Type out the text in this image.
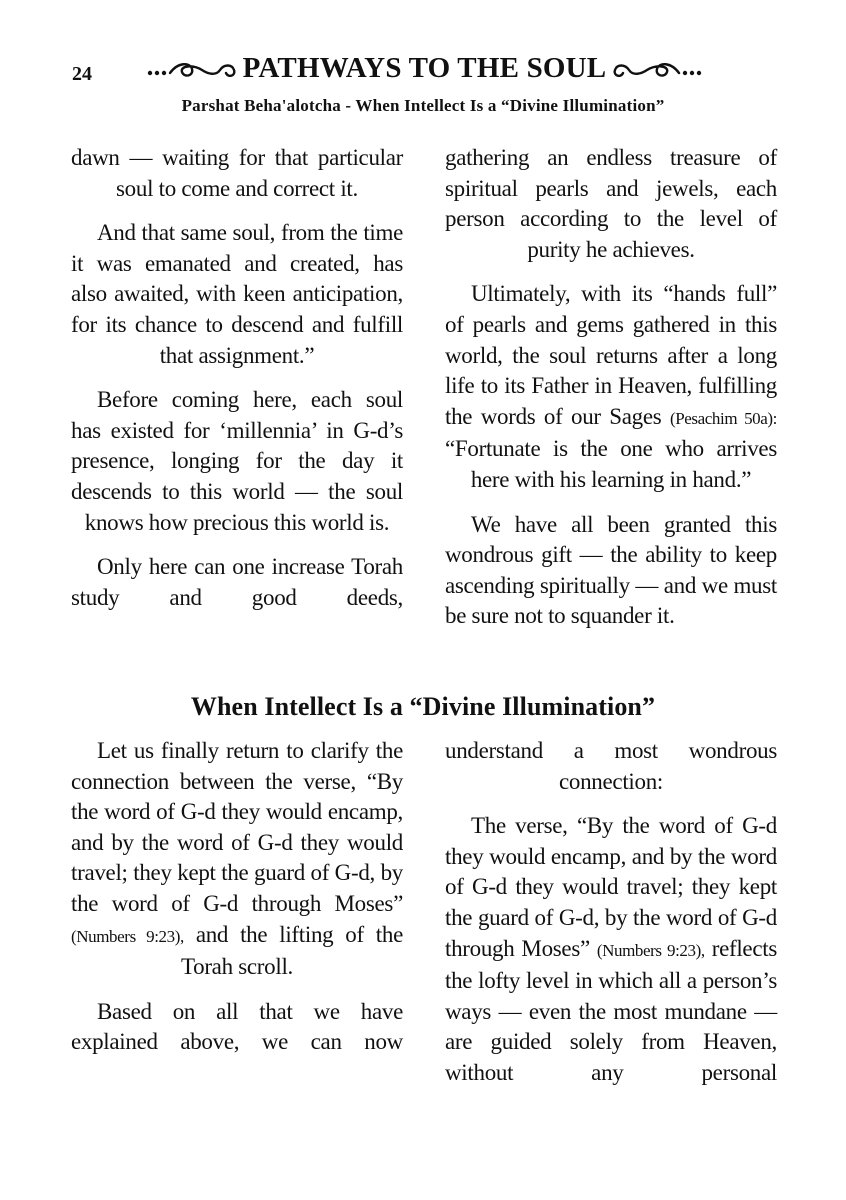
24	PATHWAYS TO THE SOUL
Parshat Beha'alotcha - When Intellect Is a “Divine Illumination”

dawn — waiting for that particular soul to come and correct it.

And that same soul, from the time it was emanated and created, has also awaited, with keen anticipation, for its chance to descend and fulfill that assignment.”

Before coming here, each soul has existed for ‘millennia’ in G-d’s presence, longing for the day it descends to this world — the soul knows how precious this world is.

Only here can one increase Torah study and good deeds,

gathering an endless treasure of spiritual pearls and jewels, each person according to the level of purity he achieves.

Ultimately, with its “hands full” of pearls and gems gathered in this world, the soul returns after a long life to its Father in Heaven, fulfilling the words of our Sages (Pesachim 50a): “Fortunate is the one who arrives here with his learning in hand.”

We have all been granted this wondrous gift — the ability to keep ascending spiritually — and we must be sure not to squander it.

When Intellect Is a “Divine Illumination”

Let us finally return to clarify the connection between the verse, “By the word of G-d they would encamp, and by the word of G-d they would travel; they kept the guard of G-d, by the word of G-d through Moses” (Numbers 9:23), and the lifting of the Torah scroll.

Based on all that we have explained above, we can now

understand a most wondrous connection:

The verse, “By the word of G-d they would encamp, and by the word of G-d they would travel; they kept the guard of G-d, by the word of G-d through Moses” (Numbers 9:23), reflects the lofty level in which all a person’s ways — even the most mundane — are guided solely from Heaven, without any personal
